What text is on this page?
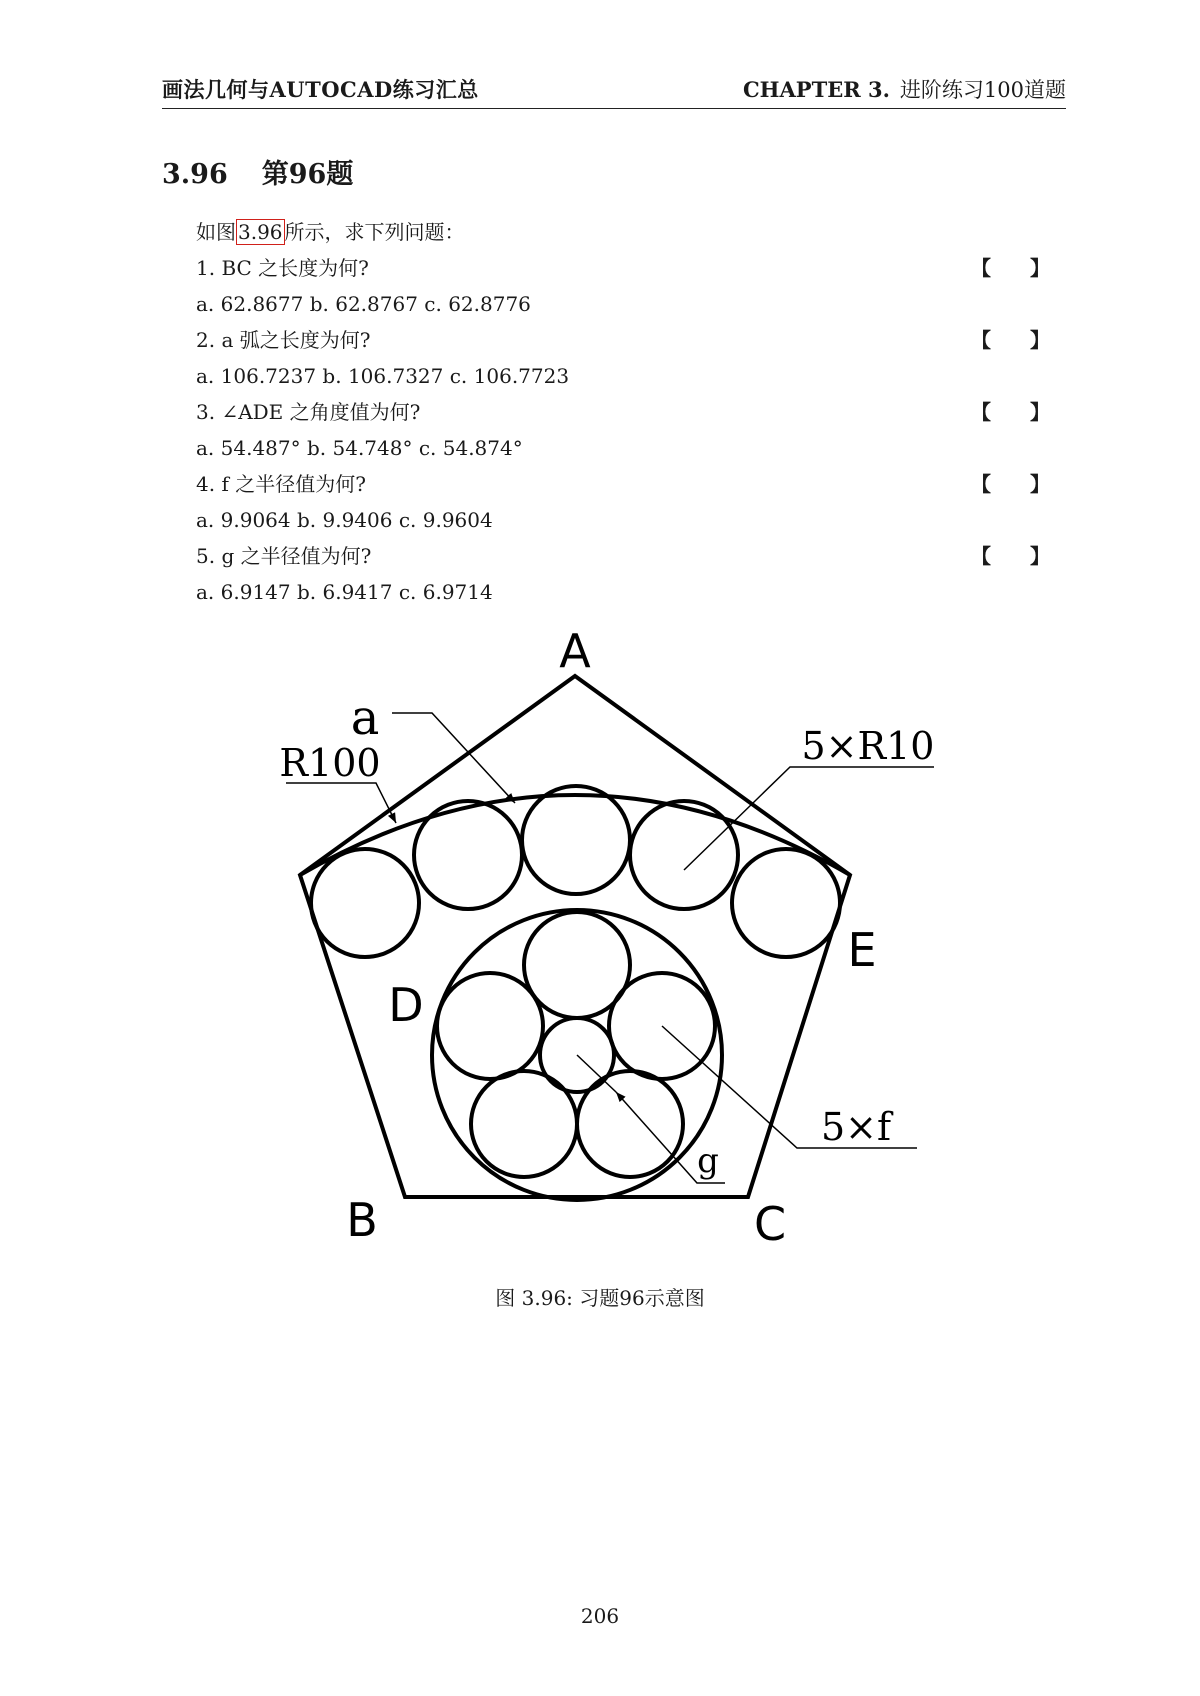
画法几何与AUTOCAD练习汇总	CHAPTER 3. 进阶练习100道题
3.96 第96题
如图 3.96 所示，求下列问题：
1. BC 之长度为何?	【 】
a. 62.8677 b. 62.8767 c. 62.8776
2. a 弧之长度为何?	【 】
a. 106.7237 b. 106.7327 c. 106.7723
3. ∠ADE 之角度值为何?	【 】
a. 54.487° b. 54.748° c. 54.874°
4. f 之半径值为何?	【 】
a. 9.9064 b. 9.9406 c. 9.9604
5. g 之半径值为何?	【 】
a. 6.9147 b. 6.9417 c. 6.9714
A
B	C
D
E
a
R100	5×R10
5×f
g
图 3.96: 习题96示意图
206
